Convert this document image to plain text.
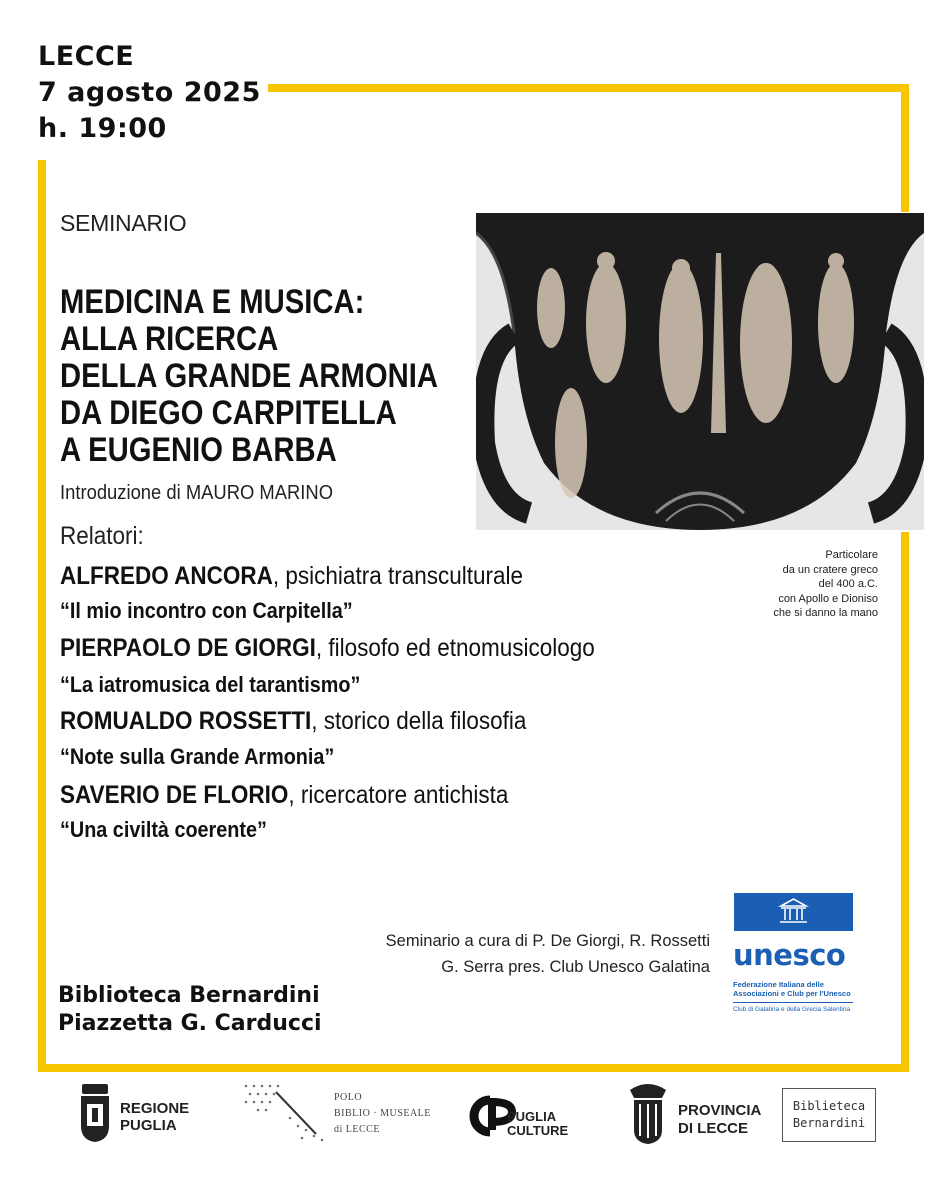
LECCE
7 agosto 2025
h. 19:00
SEMINARIO
MEDICINA E MUSICA:
ALLA RICERCA
DELLA GRANDE ARMONIA
DA DIEGO CARPITELLA
A EUGENIO BARBA
Introduzione di MAURO MARINO
Relatori:
ALFREDO ANCORA, psichiatra transculturale
“Il mio incontro con Carpitella”
PIERPAOLO DE GIORGI, filosofo ed etnomusicologo
“La iatromusica del tarantismo”
ROMUALDO ROSSETTI, storico della filosofia
“Note sulla Grande Armonia”
SAVERIO DE FLORIO, ricercatore antichista
“Una civiltà coerente”
Particolare
da un cratere greco
del 400 a.C.
con Apollo e Dioniso
che si danno la mano
Seminario a cura di P. De Giorgi, R. Rossetti
G. Serra pres. Club Unesco Galatina
Biblioteca Bernardini
Piazzetta G. Carducci
unesco
Federazione Italiana delle
Associazioni e Club per l'Unesco
Club di Galatina e della Grecia Salentina
REGIONE
PUGLIA
POLO
BIBLIO · MUSEALE
di LECCE
PUGLIA
CULTURE
PROVINCIA
DI LECCE
Biblieteca
Bernardini
